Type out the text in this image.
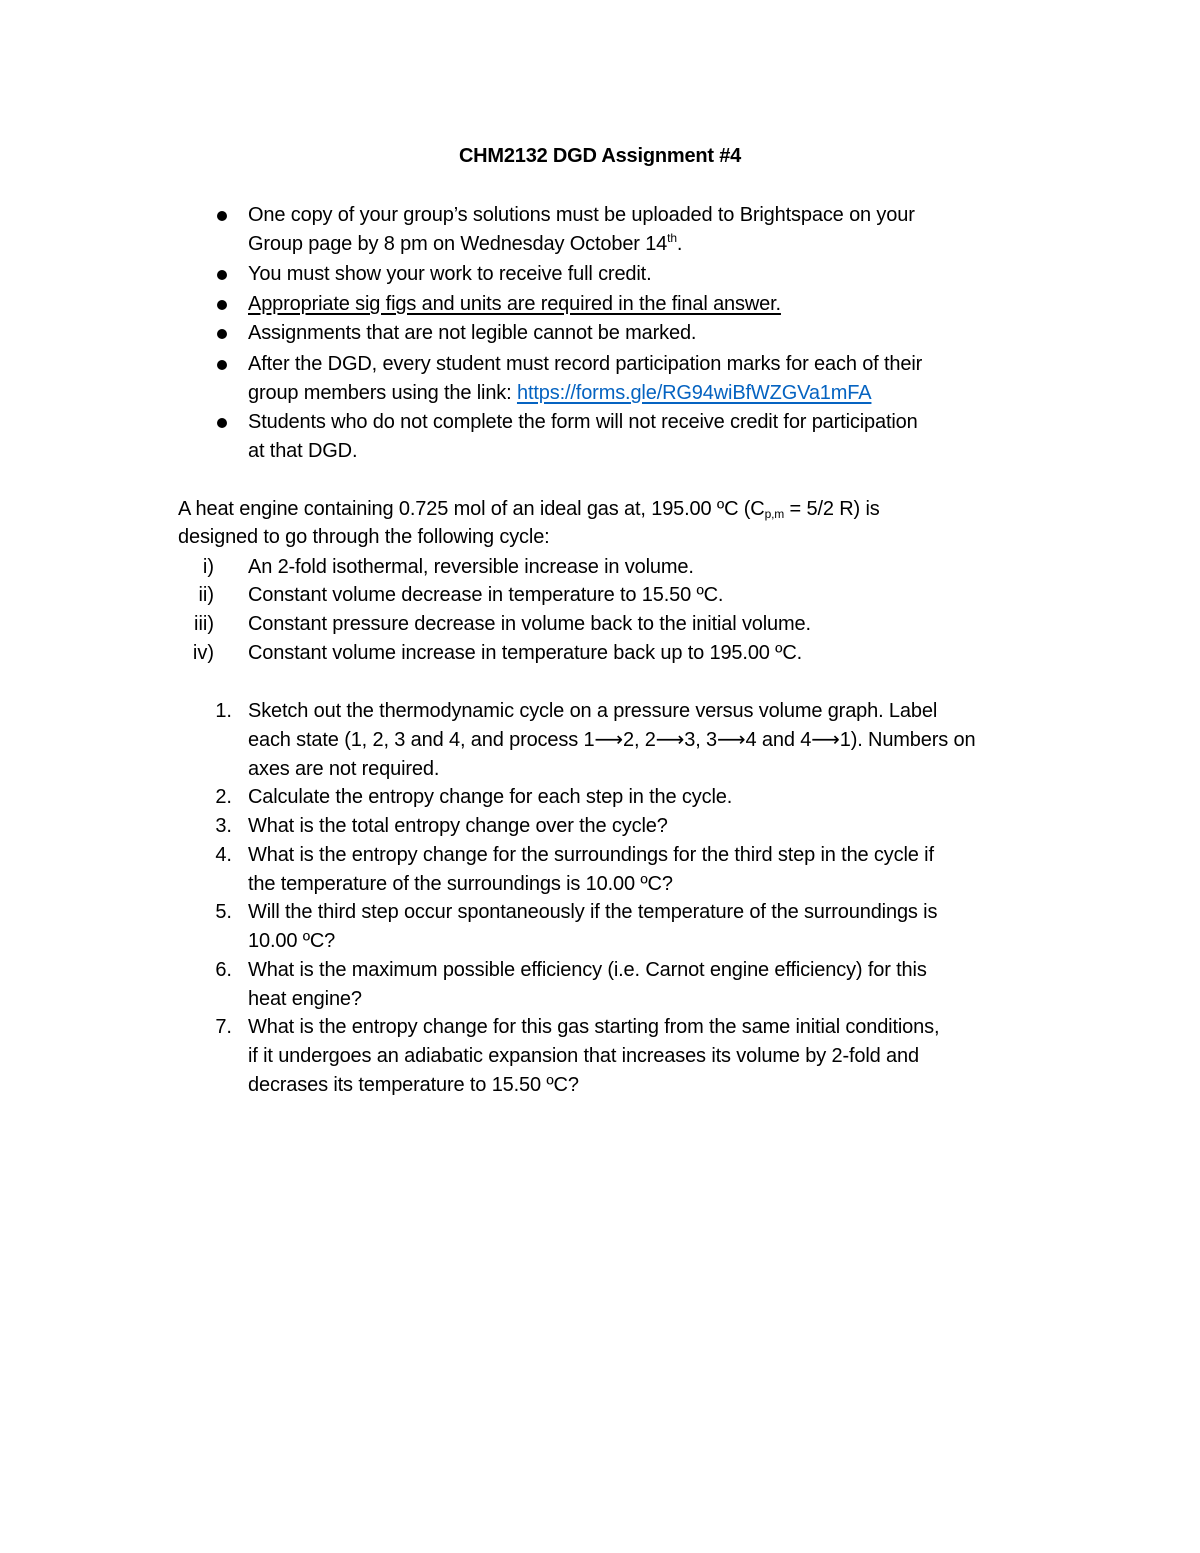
CHM2132 DGD Assignment #4
One copy of your group’s solutions must be uploaded to Brightspace on your
Group page by 8 pm on Wednesday October 14th.
You must show your work to receive full credit.
Appropriate sig figs and units are required in the final answer.
Assignments that are not legible cannot be marked.
After the DGD, every student must record participation marks for each of their
group members using the link: https://forms.gle/RG94wiBfWZGVa1mFA
Students who do not complete the form will not receive credit for participation
at that DGD.
A heat engine containing 0.725 mol of an ideal gas at, 195.00 ºC ($C_{p,m} = 5/2$ R) is
designed to go through the following cycle:
i) An 2-fold isothermal, reversible increase in volume.
ii) Constant volume decrease in temperature to 15.50 ºC.
iii) Constant pressure decrease in volume back to the initial volume.
iv) Constant volume increase in temperature back up to 195.00 ºC.
1. Sketch out the thermodynamic cycle on a pressure versus volume graph. Label
each state (1, 2, 3 and 4, and process 1⟶2, 2⟶3, 3⟶4 and 4⟶1). Numbers on
axes are not required.
2. Calculate the entropy change for each step in the cycle.
3. What is the total entropy change over the cycle?
4. What is the entropy change for the surroundings for the third step in the cycle if
the temperature of the surroundings is 10.00 ºC?
5. Will the third step occur spontaneously if the temperature of the surroundings is
10.00 ºC?
6. What is the maximum possible efficiency (i.e. Carnot engine efficiency) for this
heat engine?
7. What is the entropy change for this gas starting from the same initial conditions,
if it undergoes an adiabatic expansion that increases its volume by 2-fold and
decrases its temperature to 15.50 ºC?
